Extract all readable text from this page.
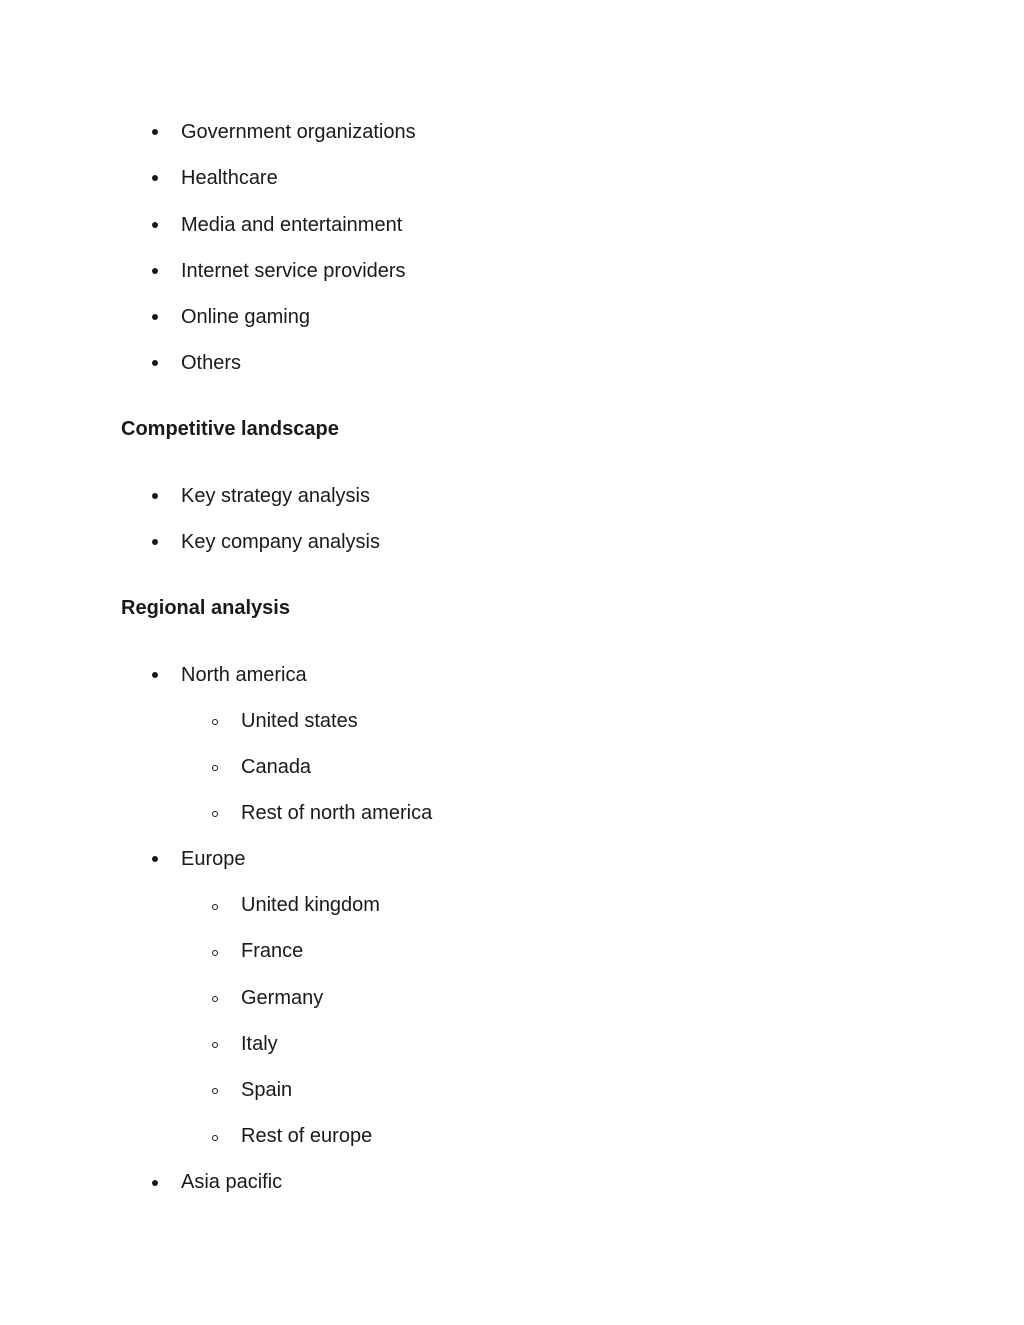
Government organizations
Healthcare
Media and entertainment
Internet service providers
Online gaming
Others
Competitive landscape
Key strategy analysis
Key company analysis
Regional analysis
North america
United states
Canada
Rest of north america
Europe
United kingdom
France
Germany
Italy
Spain
Rest of europe
Asia pacific
